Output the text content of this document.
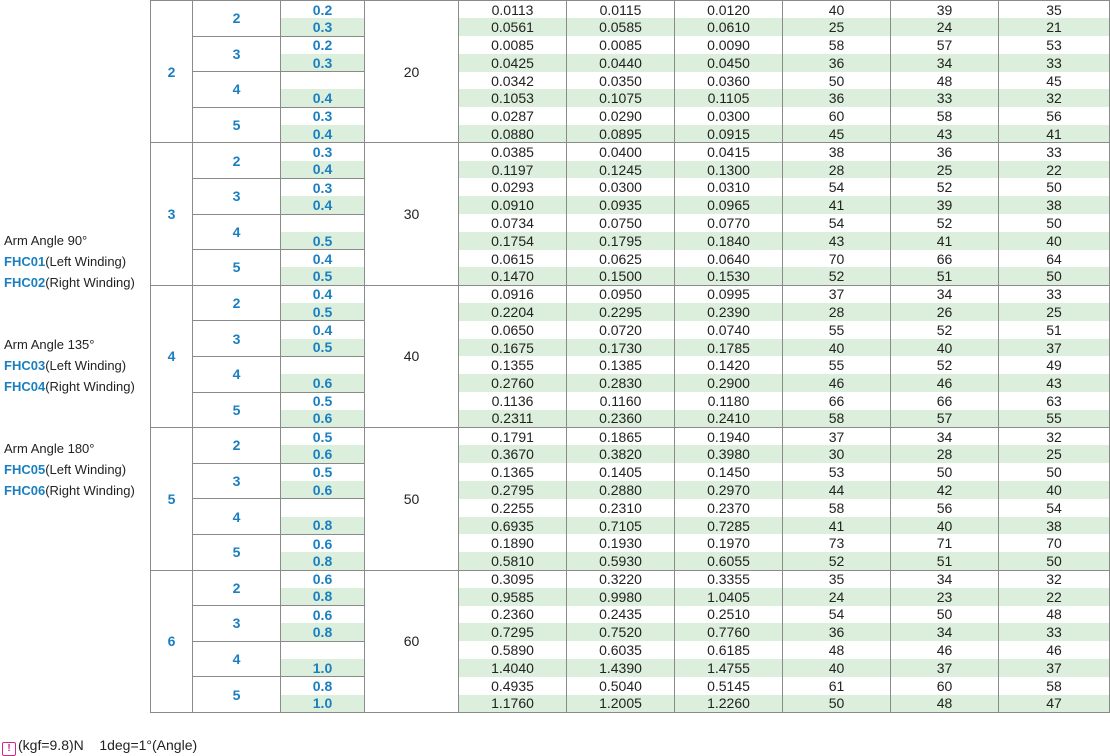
Arm Angle 90°
FHC01(Left Winding)
FHC02(Right Winding)
Arm Angle 135°
FHC03(Left Winding)
FHC04(Right Winding)
Arm Angle 180°
FHC05(Left Winding)
FHC06(Right Winding)
2	2	0.2	20	0.0113	0.0115	0.0120	40	39	35
		0.3		0.0561	0.0585	0.0610	25	24	21
	3	0.2		0.0085	0.0085	0.0090	58	57	53
		0.3		0.0425	0.0440	0.0450	36	34	33
	4			0.0342	0.0350	0.0360	50	48	45
		0.4		0.1053	0.1075	0.1105	36	33	32
	5	0.3		0.0287	0.0290	0.0300	60	58	56
		0.4		0.0880	0.0895	0.0915	45	43	41
3	2	0.3	30	0.0385	0.0400	0.0415	38	36	33
		0.4		0.1197	0.1245	0.1300	28	25	22
	3	0.3		0.0293	0.0300	0.0310	54	52	50
		0.4		0.0910	0.0935	0.0965	41	39	38
	4			0.0734	0.0750	0.0770	54	52	50
		0.5		0.1754	0.1795	0.1840	43	41	40
	5	0.4		0.0615	0.0625	0.0640	70	66	64
		0.5		0.1470	0.1500	0.1530	52	51	50
4	2	0.4	40	0.0916	0.0950	0.0995	37	34	33
		0.5		0.2204	0.2295	0.2390	28	26	25
	3	0.4		0.0650	0.0720	0.0740	55	52	51
		0.5		0.1675	0.1730	0.1785	40	40	37
	4			0.1355	0.1385	0.1420	55	52	49
		0.6		0.2760	0.2830	0.2900	46	46	43
	5	0.5		0.1136	0.1160	0.1180	66	66	63
		0.6		0.2311	0.2360	0.2410	58	57	55
5	2	0.5	50	0.1791	0.1865	0.1940	37	34	32
		0.6		0.3670	0.3820	0.3980	30	28	25
	3	0.5		0.1365	0.1405	0.1450	53	50	50
		0.6		0.2795	0.2880	0.2970	44	42	40
	4			0.2255	0.2310	0.2370	58	56	54
		0.8		0.6935	0.7105	0.7285	41	40	38
	5	0.6		0.1890	0.1930	0.1970	73	71	70
		0.8		0.5810	0.5930	0.6055	52	51	50
6	2	0.6	60	0.3095	0.3220	0.3355	35	34	32
		0.8		0.9585	0.9980	1.0405	24	23	22
	3	0.6		0.2360	0.2435	0.2510	54	50	48
		0.8		0.7295	0.7520	0.7760	36	34	33
	4			0.5890	0.6035	0.6185	48	46	46
		1.0		1.4040	1.4390	1.4755	40	37	37
	5	0.8		0.4935	0.5040	0.5145	61	60	58
		1.0		1.1760	1.2005	1.2260	50	48	47
! (kgf=9.8)N 1deg=1°(Angle)
